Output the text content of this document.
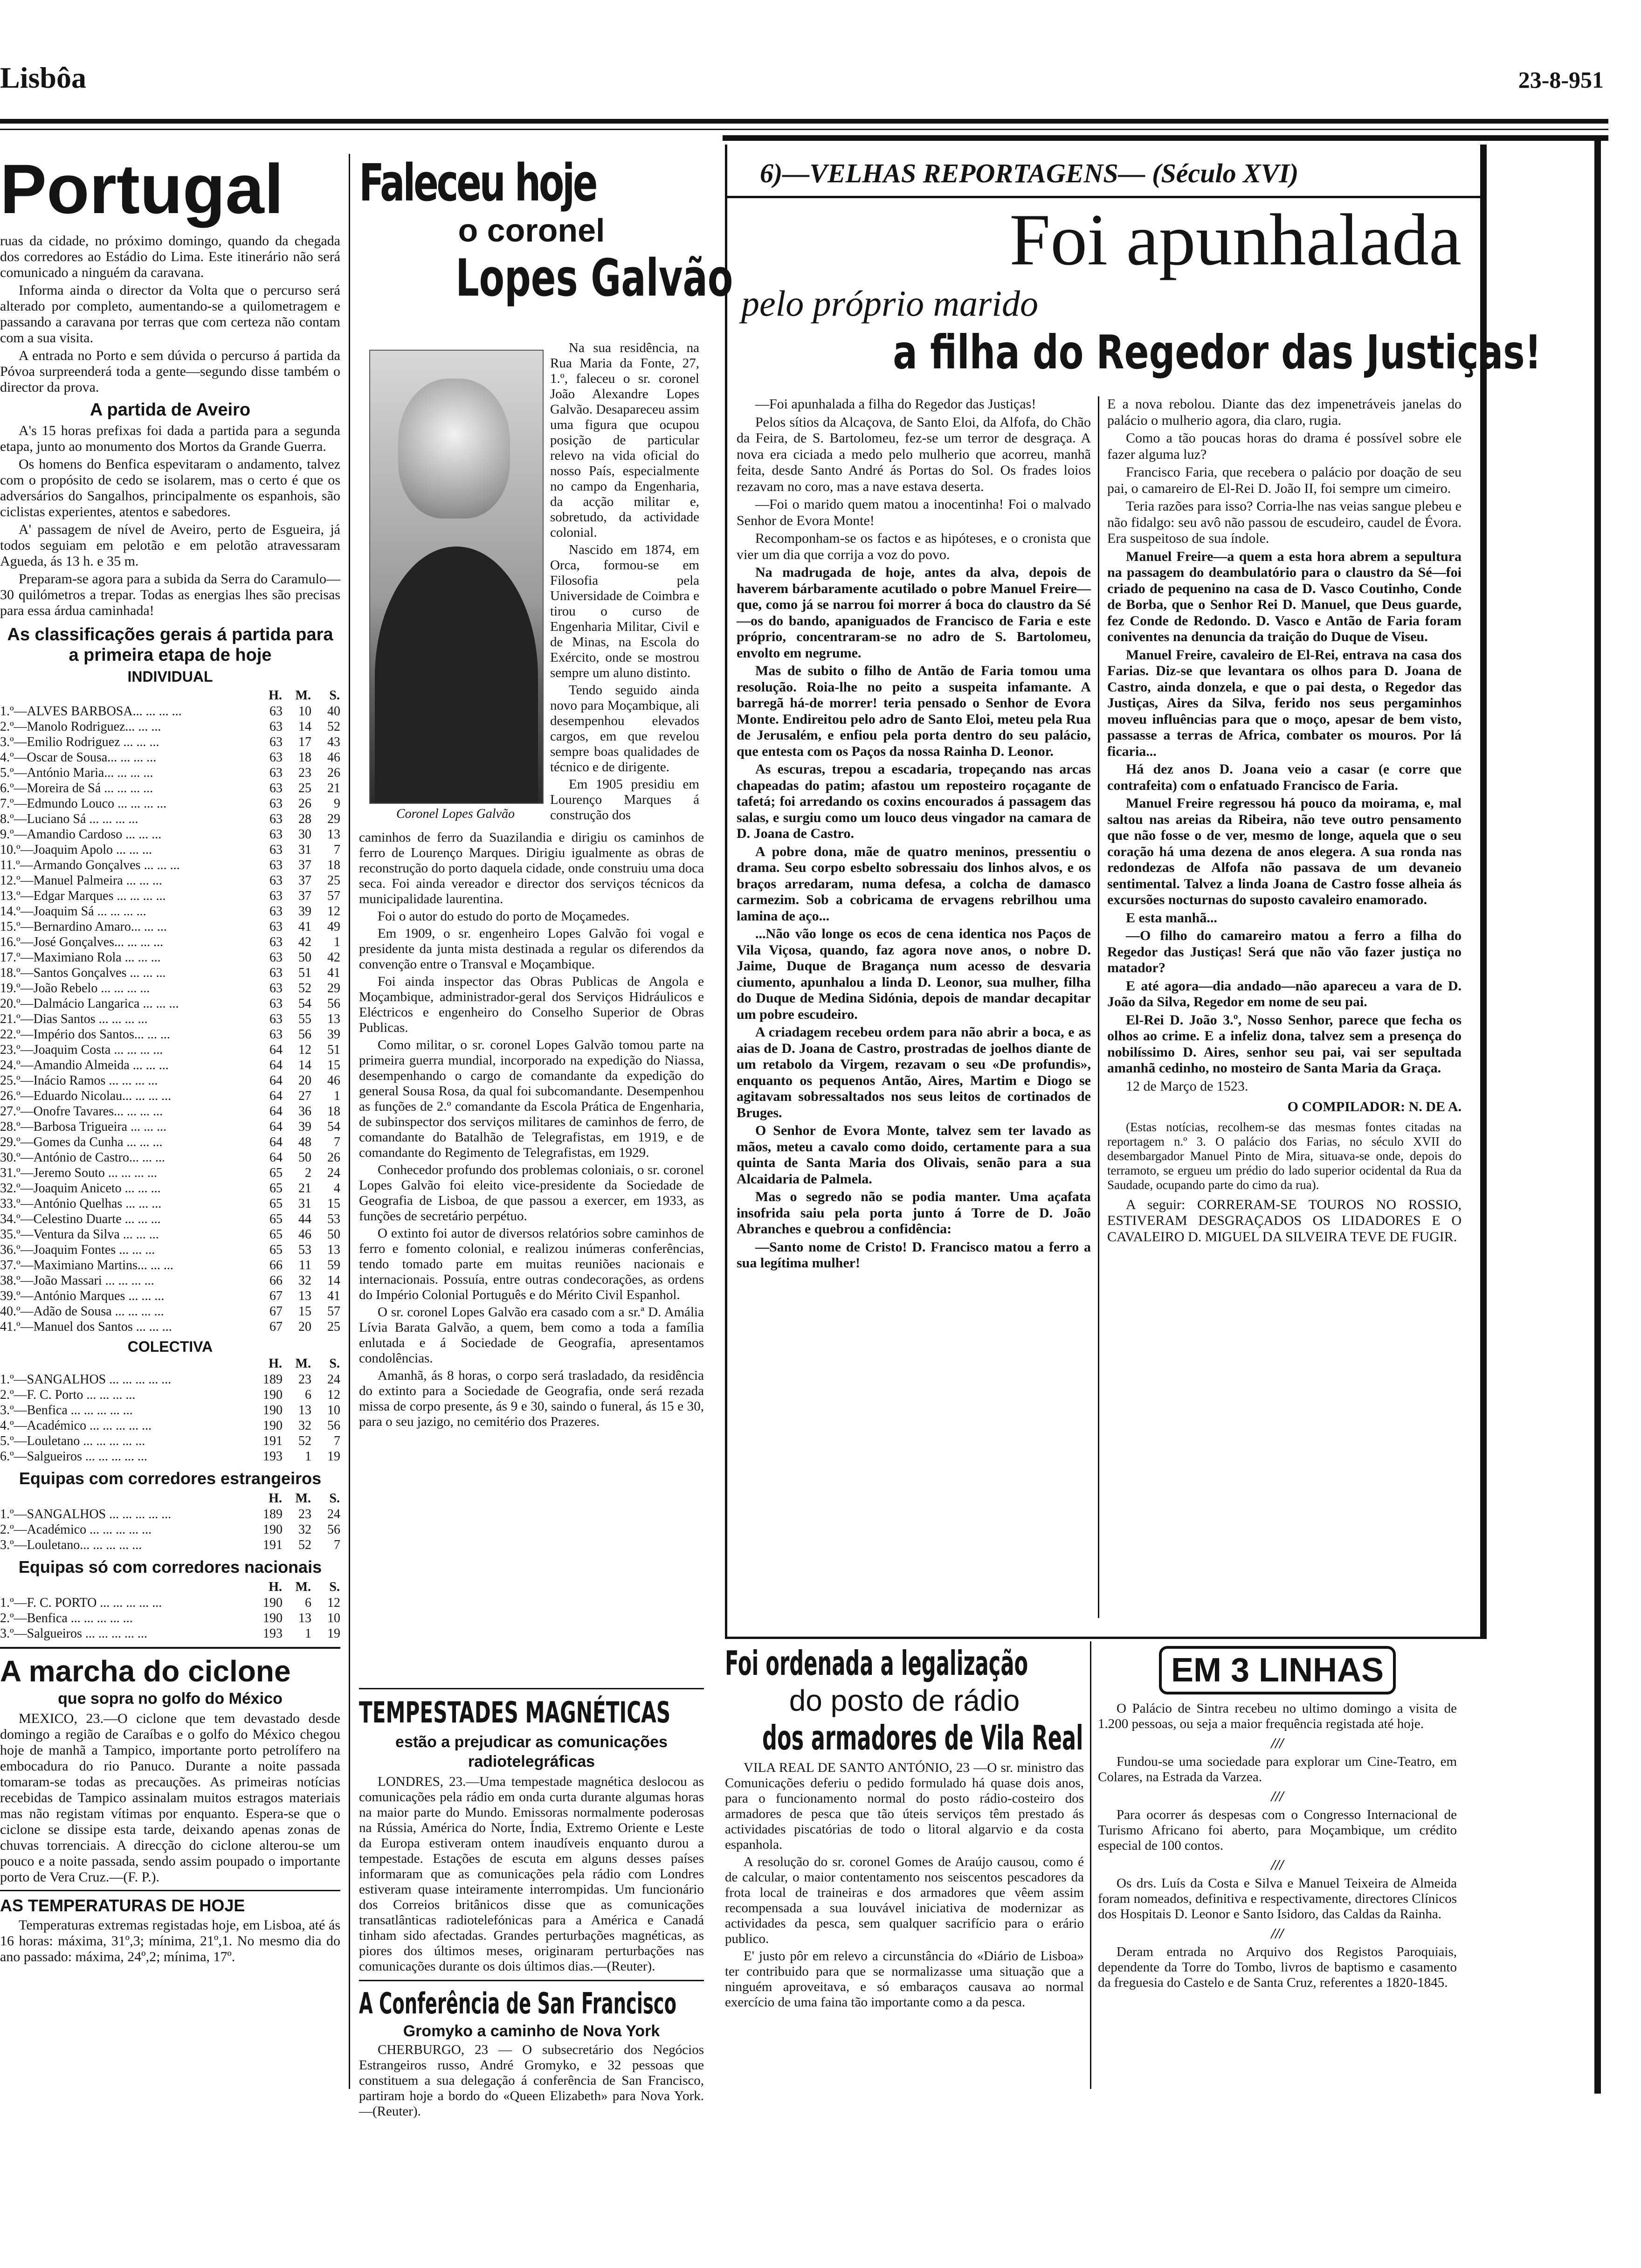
Lisbôa	23-8-951
Portugal

ruas da cidade, no próximo domingo, quando da chegada dos corredores ao Estádio do Lima. Este itinerário não será comunicado a ninguém da caravana.

Informa ainda o director da Volta que o percurso será alterado por completo, aumentando-se a quilometragem e passando a caravana por terras que com certeza não contam com a sua visita.

A entrada no Porto e sem dúvida o percurso á partida da Póvoa surpreenderá toda a gente—segundo disse também o director da prova.

A partida de Aveiro

A's 15 horas prefixas foi dada a partida para a segunda etapa, junto ao monumento dos Mortos da Grande Guerra.

Os homens do Benfica espevitaram o andamento, talvez com o propósito de cedo se isolarem, mas o certo é que os adversários do Sangalhos, principalmente os espanhois, são ciclistas experientes, atentos e sabedores.

A' passagem de nível de Aveiro, perto de Esgueira, já todos seguiam em pelotão e em pelotão atravessaram Agueda, ás 13 h. e 35 m.

Preparam-se agora para a subida da Serra do Caramulo—30 quilómetros a trepar. Todas as energias lhes são precisas para essa árdua caminhada!

As classificações gerais á partida para a primeira etapa de hoje
INDIVIDUAL
	H.	M.	S.
1.º—ALVES BARBOSA... ... ... ...	63	10	40
2.º—Manolo Rodriguez... ... ...	63	14	52
3.º—Emilio Rodriguez ... ... ...	63	17	43
4.º—Oscar de Sousa... ... ... ...	63	18	46
5.º—António Maria... ... ... ...	63	23	26
6.º—Moreira de Sá ... ... ... ...	63	25	21
7.º—Edmundo Louco ... ... ... ...	63	26	9
8.º—Luciano Sá ... ... ... ...	63	28	29
9.º—Amandio Cardoso ... ... ...	63	30	13
10.º—Joaquim Apolo ... ... ...	63	31	7
11.º—Armando Gonçalves ... ... ...	63	37	18
12.º—Manuel Palmeira ... ... ...	63	37	25
13.º—Edgar Marques ... ... ... ...	63	37	57
14.º—Joaquim Sá ... ... ... ...	63	39	12
15.º—Bernardino Amaro... ... ...	63	41	49
16.º—José Gonçalves... ... ... ...	63	42	1
17.º—Maximiano Rola ... ... ...	63	50	42
18.º—Santos Gonçalves ... ... ...	63	51	41
19.º—João Rebelo ... ... ... ...	63	52	29
20.º—Dalmácio Langarica ... ... ...	63	54	56
21.º—Dias Santos ... ... ... ...	63	55	13
22.º—Império dos Santos... ... ...	63	56	39
23.º—Joaquim Costa ... ... ... ...	64	12	51
24.º—Amandio Almeida ... ... ...	64	14	15
25.º—Inácio Ramos ... ... ... ...	64	20	46
26.º—Eduardo Nicolau... ... ... ...	64	27	1
27.º—Onofre Tavares... ... ... ...	64	36	18
28.º—Barbosa Trigueira ... ... ...	64	39	54
29.º—Gomes da Cunha ... ... ...	64	48	7
30.º—António de Castro... ... ...	64	50	26
31.º—Jeremo Souto ... ... ... ...	65	2	24
32.º—Joaquim Aniceto ... ... ...	65	21	4
33.º—António Quelhas ... ... ...	65	31	15
34.º—Celestino Duarte ... ... ...	65	44	53
35.º—Ventura da Silva ... ... ...	65	46	50
36.º—Joaquim Fontes ... ... ...	65	53	13
37.º—Maximiano Martins... ... ...	66	11	59
38.º—João Massari ... ... ... ...	66	32	14
39.º—António Marques ... ... ...	67	13	41
40.º—Adão de Sousa ... ... ... ...	67	15	57
41.º—Manuel dos Santos ... ... ...	67	20	25
COLECTIVA
	H.	M.	S.
1.º—SANGALHOS ... ... ... ... ...	189	23	24
2.º—F. C. Porto ... ... ... ...	190	6	12
3.º—Benfica ... ... ... ... ...	190	13	10
4.º—Académico ... ... ... ... ...	190	32	56
5.º—Louletano ... ... ... ... ...	191	52	7
6.º—Salgueiros ... ... ... ... ...	193	1	19
Equipas com corredores estrangeiros
	H.	M.	S.
1.º—SANGALHOS ... ... ... ... ...	189	23	24
2.º—Académico ... ... ... ... ...	190	32	56
3.º—Louletano... ... ... ... ...	191	52	7
Equipas só com corredores nacionais
	H.	M.	S.
1.º—F. C. PORTO ... ... ... ... ...	190	6	12
2.º—Benfica ... ... ... ... ...	190	13	10
3.º—Salgueiros ... ... ... ... ...	193	1	19
A marcha do ciclone
que sopra no golfo do México

MEXICO, 23.—O ciclone que tem devastado desde domingo a região de Caraíbas e o golfo do México chegou hoje de manhã a Tampico, importante porto petrolífero na embocadura do rio Panuco. Durante a noite passada tomaram-se todas as precauções. As primeiras notícias recebidas de Tampico assinalam muitos estragos materiais mas não registam vítimas por enquanto. Espera-se que o ciclone se dissipe esta tarde, deixando apenas zonas de chuvas torrenciais. A direcção do ciclone alterou-se um pouco e a noite passada, sendo assim poupado o importante porto de Vera Cruz.—(F. P.).

AS TEMPERATURAS DE HOJE

Temperaturas extremas registadas hoje, em Lisboa, até ás 16 horas: máxima, 31º,3; mínima, 21º,1. No mesmo dia do ano passado: máxima, 24º,2; mínima, 17º.

Faleceu hoje
o coronel
Lopes Galvão
Coronel Lopes Galvão

Na sua residência, na Rua Maria da Fonte, 27, 1.º, faleceu o sr. coronel João Alexandre Lopes Galvão. Desapareceu assim uma figura que ocupou posição de particular relevo na vida oficial do nosso País, especialmente no campo da Engenharia, da acção militar e, sobretudo, da actividade colonial.

Nascido em 1874, em Orca, formou-se em Filosofia pela Universidade de Coimbra e tirou o curso de Engenharia Militar, Civil e de Minas, na Escola do Exército, onde se mostrou sempre um aluno distinto.

Tendo seguido ainda novo para Moçambique, ali desempenhou elevados cargos, em que revelou sempre boas qualidades de técnico e de dirigente.

Em 1905 presidiu em Lourenço Marques á construção dos

caminhos de ferro da Suazilandia e dirigiu os caminhos de ferro de Lourenço Marques. Dirigiu igualmente as obras de reconstrução do porto daquela cidade, onde construiu uma doca seca. Foi ainda vereador e director dos serviços técnicos da municipalidade laurentina.

Foi o autor do estudo do porto de Moçamedes.

Em 1909, o sr. engenheiro Lopes Galvão foi vogal e presidente da junta mista destinada a regular os diferendos da convenção entre o Transval e Moçambique.

Foi ainda inspector das Obras Publicas de Angola e Moçambique, administrador-geral dos Serviços Hidráulicos e Eléctricos e engenheiro do Conselho Superior de Obras Publicas.

Como militar, o sr. coronel Lopes Galvão tomou parte na primeira guerra mundial, incorporado na expedição do Niassa, desempenhando o cargo de comandante da expedição do general Sousa Rosa, da qual foi subcomandante. Desempenhou as funções de 2.º comandante da Escola Prática de Engenharia, de subinspector dos serviços militares de caminhos de ferro, de comandante do Batalhão de Telegrafistas, em 1919, e de comandante do Regimento de Telegrafistas, em 1929.

Conhecedor profundo dos problemas coloniais, o sr. coronel Lopes Galvão foi eleito vice-presidente da Sociedade de Geografia de Lisboa, de que passou a exercer, em 1933, as funções de secretário perpétuo.

O extinto foi autor de diversos relatórios sobre caminhos de ferro e fomento colonial, e realizou inúmeras conferências, tendo tomado parte em muitas reuniões nacionais e internacionais. Possuía, entre outras condecorações, as ordens do Império Colonial Português e do Mérito Civil Espanhol.

O sr. coronel Lopes Galvão era casado com a sr.ª D. Amália Lívia Barata Galvão, a quem, bem como a toda a família enlutada e á Sociedade de Geografia, apresentamos condolências.

Amanhã, ás 8 horas, o corpo será trasladado, da residência do extinto para a Sociedade de Geografia, onde será rezada missa de corpo presente, ás 9 e 30, saindo o funeral, ás 15 e 30, para o seu jazigo, no cemitério dos Prazeres.

TEMPESTADES MAGNÉTICAS
estão a prejudicar as comunicações radiotelegráficas

LONDRES, 23.—Uma tempestade magnética deslocou as comunicações pela rádio em onda curta durante algumas horas na maior parte do Mundo. Emissoras normalmente poderosas na Rússia, América do Norte, Índia, Extremo Oriente e Leste da Europa estiveram ontem inaudíveis enquanto durou a tempestade. Estações de escuta em alguns desses países informaram que as comunicações pela rádio com Londres estiveram quase inteiramente interrompidas. Um funcionário dos Correios britânicos disse que as comunicações transatlânticas radiotelefónicas para a América e Canadá tinham sido afectadas. Grandes perturbações magnéticas, as piores dos últimos meses, originaram perturbações nas comunicações durante os dois últimos dias.—(Reuter).

A Conferência de San Francisco
Gromyko a caminho de Nova York

CHERBURGO, 23 — O subsecretário dos Negócios Estrangeiros russo, André Gromyko, e 32 pessoas que constituem a sua delegação á conferência de San Francisco, partiram hoje a bordo do «Queen Elizabeth» para Nova York.—(Reuter).

6)—VELHAS REPORTAGENS— (Século XVI)
Foi apunhalada
pelo próprio marido
a filha do Regedor das Justiças!

—Foi apunhalada a filha do Regedor das Justiças!

Pelos sítios da Alcaçova, de Santo Eloi, da Alfofa, do Chão da Feira, de S. Bartolomeu, fez-se um terror de desgraça. A nova era ciciada a medo pelo mulherio que acorreu, manhã feita, desde Santo André ás Portas do Sol. Os frades loios rezavam no coro, mas a nave estava deserta.

—Foi o marido quem matou a inocentinha! Foi o malvado Senhor de Evora Monte!

Recomponham-se os factos e as hipóteses, e o cronista que vier um dia que corrija a voz do povo.

Na madrugada de hoje, antes da alva, depois de haverem bárbaramente acutilado o pobre Manuel Freire—que, como já se narrou foi morrer á boca do claustro da Sé—os do bando, apaniguados de Francisco de Faria e este próprio, concentraram-se no adro de S. Bartolomeu, envolto em negrume.

Mas de subito o filho de Antão de Faria tomou uma resolução. Roia-lhe no peito a suspeita infamante. A barregã há-de morrer! teria pensado o Senhor de Evora Monte. Endireitou pelo adro de Santo Eloi, meteu pela Rua de Jerusalém, e enfiou pela porta dentro do seu palácio, que entesta com os Paços da nossa Rainha D. Leonor.

As escuras, trepou a escadaria, tropeçando nas arcas chapeadas do patim; afastou um reposteiro roçagante de tafetá; foi arredando os coxins encourados á passagem das salas, e surgiu como um louco deus vingador na camara de D. Joana de Castro.

A pobre dona, mãe de quatro meninos, pressentiu o drama. Seu corpo esbelto sobressaiu dos linhos alvos, e os braços arredaram, numa defesa, a colcha de damasco carmezim. Sob a cobricama de ervagens rebrilhou uma lamina de aço...

...Não vão longe os ecos de cena identica nos Paços de Vila Viçosa, quando, faz agora nove anos, o nobre D. Jaime, Duque de Bragança num acesso de desvaria ciumento, apunhalou a linda D. Leonor, sua mulher, filha do Duque de Medina Sidónia, depois de mandar decapitar um pobre escudeiro.

A criadagem recebeu ordem para não abrir a boca, e as aias de D. Joana de Castro, prostradas de joelhos diante de um retabolo da Virgem, rezavam o seu «De profundis», enquanto os pequenos Antão, Aires, Martim e Diogo se agitavam sobressaltados nos seus leitos de cortinados de Bruges.

O Senhor de Evora Monte, talvez sem ter lavado as mãos, meteu a cavalo como doido, certamente para a sua quinta de Santa Maria dos Olivais, senão para a sua Alcaidaria de Palmela.

Mas o segredo não se podia manter. Uma açafata insofrida saiu pela porta junto á Torre de D. João Abranches e quebrou a confidência:

—Santo nome de Cristo! D. Francisco matou a ferro a sua legítima mulher!

E a nova rebolou. Diante das dez impenetráveis janelas do palácio o mulherio agora, dia claro, rugia.

Como a tão poucas horas do drama é possível sobre ele fazer alguma luz?

Francisco Faria, que recebera o palácio por doação de seu pai, o camareiro de El-Rei D. João II, foi sempre um cimeiro.

Teria razões para isso? Corria-lhe nas veias sangue plebeu e não fidalgo: seu avô não passou de escudeiro, caudel de Évora. Era suspeitoso de sua índole.

Manuel Freire—a quem a esta hora abrem a sepultura na passagem do deambulatório para o claustro da Sé—foi criado de pequenino na casa de D. Vasco Coutinho, Conde de Borba, que o Senhor Rei D. Manuel, que Deus guarde, fez Conde de Redondo. D. Vasco e Antão de Faria foram coniventes na denuncia da traição do Duque de Viseu.

Manuel Freire, cavaleiro de El-Rei, entrava na casa dos Farias. Diz-se que levantara os olhos para D. Joana de Castro, ainda donzela, e que o pai desta, o Regedor das Justiças, Aires da Silva, ferido nos seus pergaminhos moveu influências para que o moço, apesar de bem visto, passasse a terras de Africa, combater os mouros. Por lá ficaria...

Há dez anos D. Joana veio a casar (e corre que contrafeita) com o enfatuado Francisco de Faria.

Manuel Freire regressou há pouco da moirama, e, mal saltou nas areias da Ribeira, não teve outro pensamento que não fosse o de ver, mesmo de longe, aquela que o seu coração há uma dezena de anos elegera. A sua ronda nas redondezas de Alfofa não passava de um devaneio sentimental. Talvez a linda Joana de Castro fosse alheia ás excursões nocturnas do suposto cavaleiro enamorado.

E esta manhã...

—O filho do camareiro matou a ferro a filha do Regedor das Justiças! Será que não vão fazer justiça no matador?

E até agora—dia andado—não apareceu a vara de D. João da Silva, Regedor em nome de seu pai.

El-Rei D. João 3.º, Nosso Senhor, parece que fecha os olhos ao crime. E a infeliz dona, talvez sem a presença do nobilíssimo D. Aires, senhor seu pai, vai ser sepultada amanhã cedinho, no mosteiro de Santa Maria da Graça.

12 de Março de 1523.

O COMPILADOR: N. DE A.

(Estas notícias, recolhem-se das mesmas fontes citadas na reportagem n.º 3. O palácio dos Farias, no século XVII do desembargador Manuel Pinto de Mira, situava-se onde, depois do terramoto, se ergueu um prédio do lado superior ocidental da Rua da Saudade, ocupando parte do cimo da rua).

A seguir: CORRERAM-SE TOUROS NO ROSSIO, ESTIVERAM DESGRAÇADOS OS LIDADORES E O CAVALEIRO D. MIGUEL DA SILVEIRA TEVE DE FUGIR.

Foi ordenada a legalização
do posto de rádio
dos armadores de Vila Real

VILA REAL DE SANTO ANTÓNIO, 23 —O sr. ministro das Comunicações deferiu o pedido formulado há quase dois anos, para o funcionamento normal do posto rádio-costeiro dos armadores de pesca que tão úteis serviços têm prestado ás actividades piscatórias de todo o litoral algarvio e da costa espanhola.

A resolução do sr. coronel Gomes de Araújo causou, como é de calcular, o maior contentamento nos seiscentos pescadores da frota local de traineiras e dos armadores que vêem assim recompensada a sua louvável iniciativa de modernizar as actividades da pesca, sem qualquer sacrifício para o erário publico.

E' justo pôr em relevo a circunstância do «Diário de Lisboa» ter contribuido para que se normalizasse uma situação que a ninguém aproveitava, e só embaraços causava ao normal exercício de uma faina tão importante como a da pesca.

EM 3 LINHAS

O Palácio de Sintra recebeu no ultimo domingo a visita de 1.200 pessoas, ou seja a maior frequência registada até hoje.

///

Fundou-se uma sociedade para explorar um Cine-Teatro, em Colares, na Estrada da Varzea.

///

Para ocorrer ás despesas com o Congresso Internacional de Turismo Africano foi aberto, para Moçambique, um crédito especial de 100 contos.

///

Os drs. Luís da Costa e Silva e Manuel Teixeira de Almeida foram nomeados, definitiva e respectivamente, directores Clínicos dos Hospitais D. Leonor e Santo Isidoro, das Caldas da Rainha.

///

Deram entrada no Arquivo dos Registos Paroquiais, dependente da Torre do Tombo, livros de baptismo e casamento da freguesia do Castelo e de Santa Cruz, referentes a 1820-1845.
